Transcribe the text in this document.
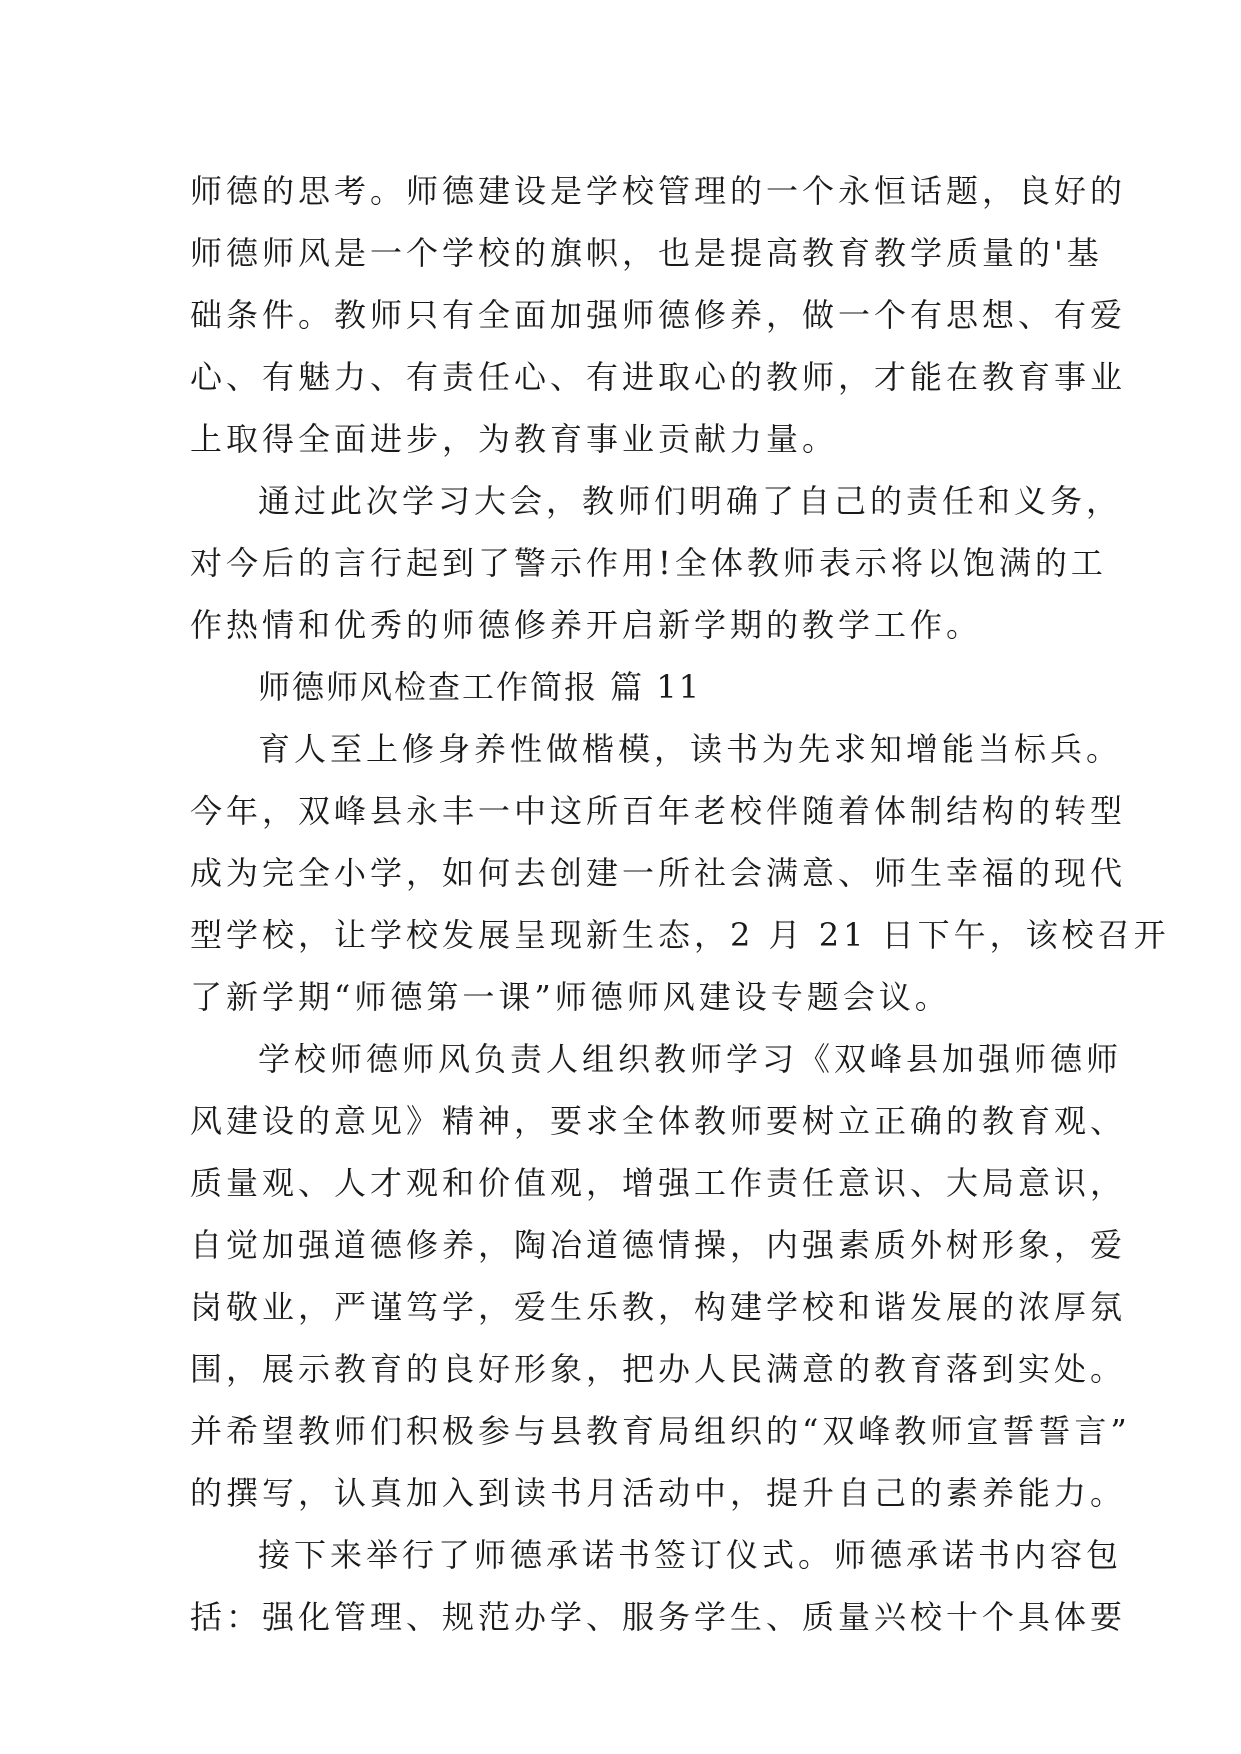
师德的思考。师德建设是学校管理的一个永恒话题，良好的
师德师风是一个学校的旗帜，也是提高教育教学质量的'基
础条件。教师只有全面加强师德修养，做一个有思想、有爱
心、有魅力、有责任心、有进取心的教师，才能在教育事业
上取得全面进步，为教育事业贡献力量。
通过此次学习大会，教师们明确了自己的责任和义务，
对今后的言行起到了警示作用!全体教师表示将以饱满的工
作热情和优秀的师德修养开启新学期的教学工作。
师德师风检查工作简报 篇 11
育人至上修身养性做楷模，读书为先求知增能当标兵。
今年，双峰县永丰一中这所百年老校伴随着体制结构的转型
成为完全小学，如何去创建一所社会满意、师生幸福的现代
型学校，让学校发展呈现新生态，2 月 21 日下午，该校召开
了新学期“师德第一课”师德师风建设专题会议。
学校师德师风负责人组织教师学习《双峰县加强师德师
风建设的意见》精神，要求全体教师要树立正确的教育观、
质量观、人才观和价值观，增强工作责任意识、大局意识，
自觉加强道德修养，陶冶道德情操，内强素质外树形象，爱
岗敬业，严谨笃学，爱生乐教，构建学校和谐发展的浓厚氛
围，展示教育的良好形象，把办人民满意的教育落到实处。
并希望教师们积极参与县教育局组织的“双峰教师宣誓誓言”
的撰写，认真加入到读书月活动中，提升自己的素养能力。
接下来举行了师德承诺书签订仪式。师德承诺书内容包
括：强化管理、规范办学、服务学生、质量兴校十个具体要
